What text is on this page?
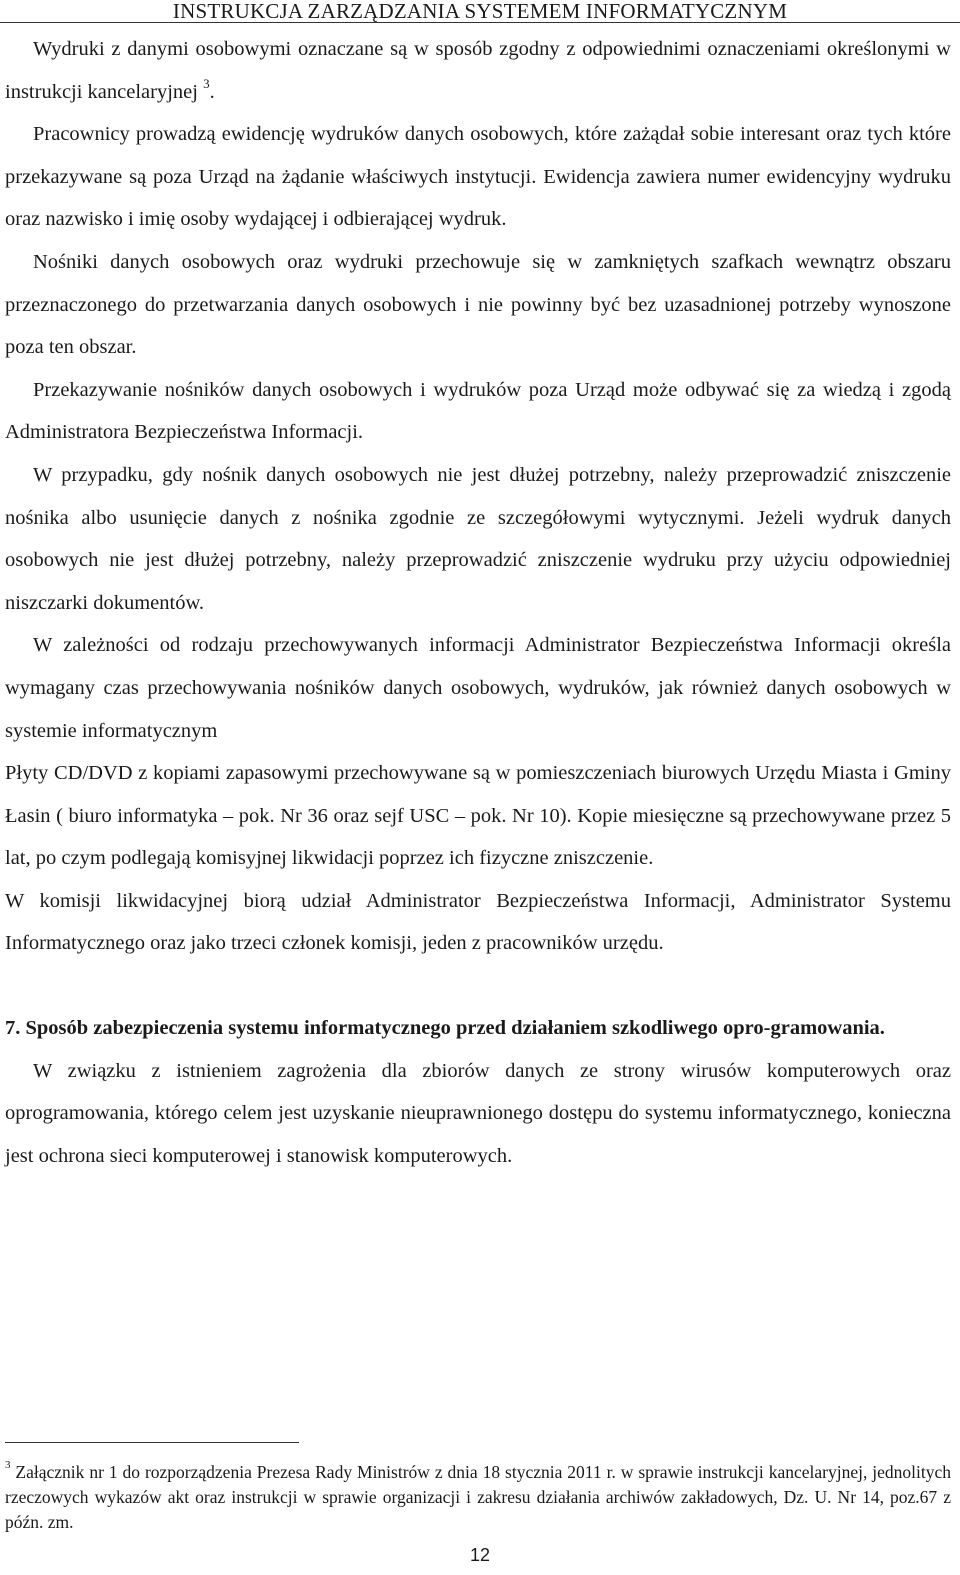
INSTRUKCJA ZARZĄDZANIA SYSTEMEM INFORMATYCZNYM

Wydruki z danymi osobowymi oznaczane są w sposób zgodny z odpowiednimi oznaczeniami określonymi w instrukcji kancelaryjnej $^3$.

Pracownicy prowadzą ewidencję wydruków danych osobowych, które zażądał sobie interesant oraz tych które przekazywane są poza Urząd na żądanie właściwych instytucji. Ewidencja zawiera numer ewidencyjny wydruku oraz nazwisko i imię osoby wydającej i odbierającej wydruk.

Nośniki danych osobowych oraz wydruki przechowuje się w zamkniętych szafkach wewnątrz obszaru przeznaczonego do przetwarzania danych osobowych i nie powinny być bez uzasadnionej potrzeby wynoszone poza ten obszar.

Przekazywanie nośników danych osobowych i wydruków poza Urząd może odbywać się za wiedzą i zgodą Administratora Bezpieczeństwa Informacji.

W przypadku, gdy nośnik danych osobowych nie jest dłużej potrzebny, należy przeprowadzić zniszczenie nośnika albo usunięcie danych z nośnika zgodnie ze szczegółowymi wytycznymi. Jeżeli wydruk danych osobowych nie jest dłużej potrzebny, należy przeprowadzić zniszczenie wydruku przy użyciu odpowiedniej niszczarki dokumentów.

W zależności od rodzaju przechowywanych informacji Administrator Bezpieczeństwa Informacji określa wymagany czas przechowywania nośników danych osobowych, wydruków, jak również danych osobowych w systemie informatycznym

Płyty CD/DVD z kopiami zapasowymi przechowywane są w pomieszczeniach biurowych Urzędu Miasta i Gminy Łasin ( biuro informatyka – pok. Nr 36 oraz sejf USC – pok. Nr 10). Kopie miesięczne są przechowywane przez 5 lat, po czym podlegają komisyjnej likwidacji poprzez ich fizyczne zniszczenie.

W komisji likwidacyjnej biorą udział Administrator Bezpieczeństwa Informacji, Administrator Systemu Informatycznego oraz jako trzeci członek komisji, jeden z pracowników urzędu.

7. Sposób zabezpieczenia systemu informatycznego przed działaniem szkodliwego opro-gramowania.

W związku z istnieniem zagrożenia dla zbiorów danych ze strony wirusów komputerowych oraz oprogramowania, którego celem jest uzyskanie nieuprawnionego dostępu do systemu informatycznego, konieczna jest ochrona sieci komputerowej i stanowisk komputerowych.

$^3$ Załącznik nr 1 do rozporządzenia Prezesa Rady Ministrów z dnia 18 stycznia 2011 r. w sprawie instrukcji kancelaryjnej, jednolitych rzeczowych wykazów akt oraz instrukcji w sprawie organizacji i zakresu działania archiwów zakładowych, Dz. U. Nr 14, poz.67 z późn. zm.
12
